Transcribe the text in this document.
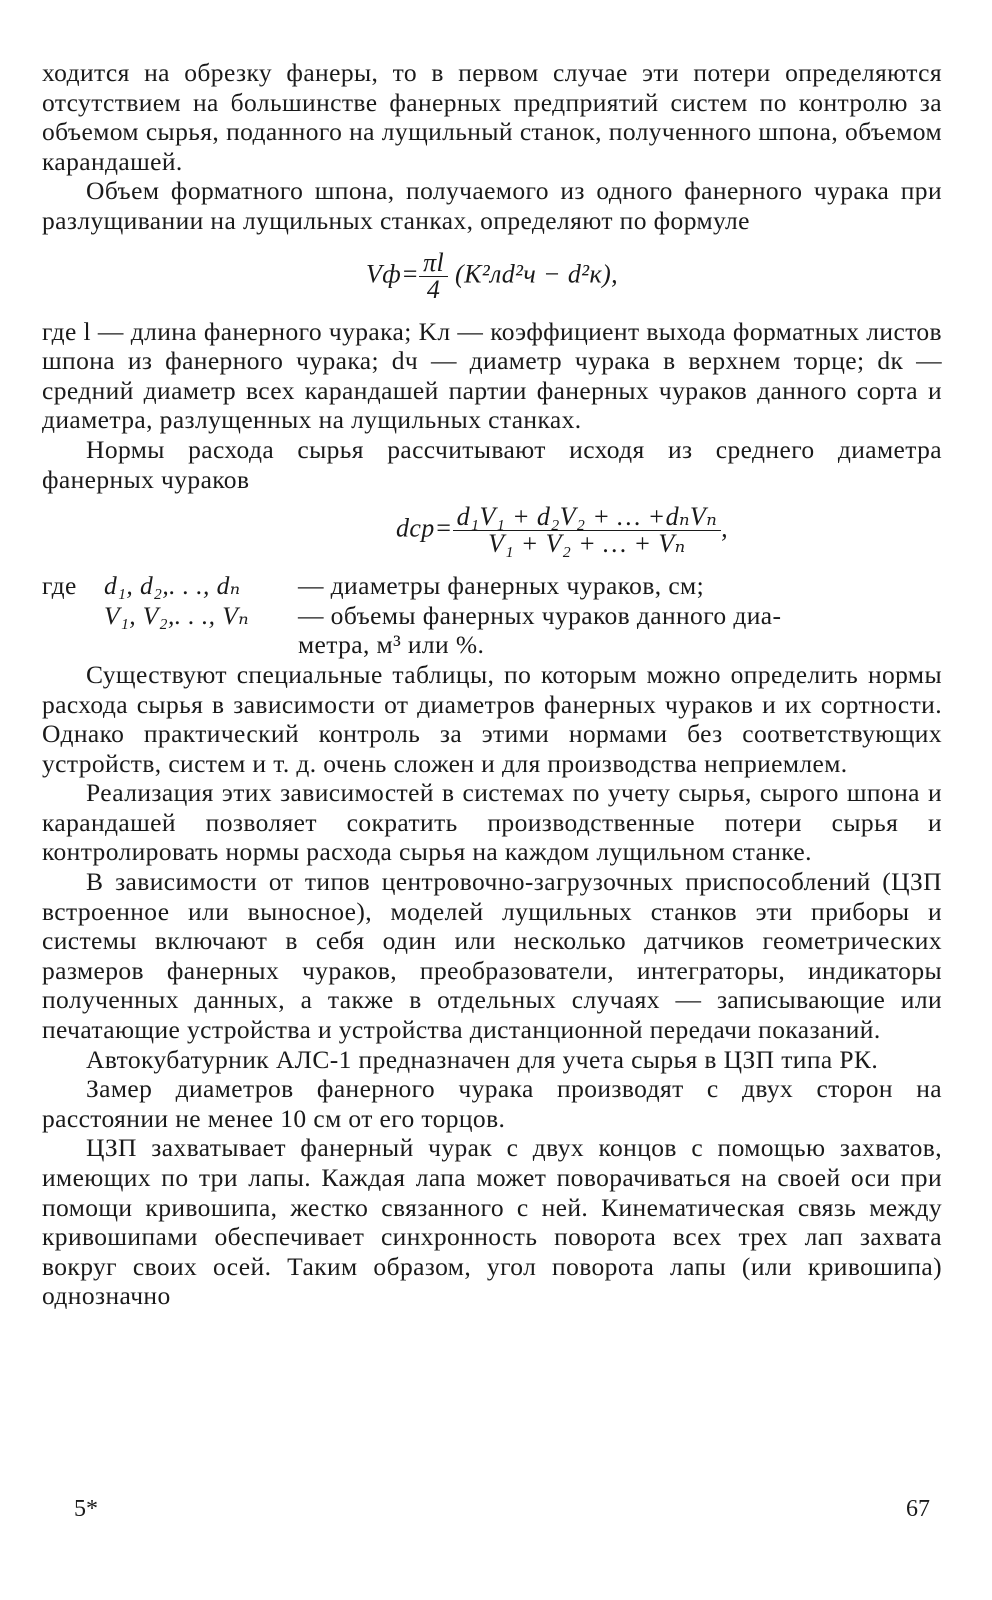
ходится на обрезку фанеры, то в первом случае эти потери определяются отсутствием на большинстве фанерных предприятий систем по контролю за объемом сырья, поданного на лущильный станок, полученного шпона, объемом карандашей.

Объем форматного шпона, получаемого из одного фанерного чурака при разлущивании на лущильных станках, определяют по формуле

$Vф= \frac{\pi l}{4} (K^2лd^2ч - d^2к)$,

где l — длина фанерного чурака; Kл — коэффициент выхода форматных листов шпона из фанерного чурака; dч — диаметр чурака в верхнем торце; dк — средний диаметр всех карандашей партии фанерных чураков данного сорта и диаметра, разлущенных на лущильных станках.

Нормы расхода сырья рассчитывают исходя из среднего диаметра фанерных чураков

$dср= \frac{\text{d₁V₁ + d₂V₂ + … +dₙVₙ}}{\text{V₁ + V₂ + … + Vₙ}}$ ,
где	d₁, d₂,. . ., dₙ	— диаметры фанерных чураков, см;
V₁, V₂,. . ., Vₙ	— объемы фанерных чураков данного диа-
метра, м³ или %.

Существуют специальные таблицы, по которым можно определить нормы расхода сырья в зависимости от диаметров фанерных чураков и их сортности. Однако практический контроль за этими нормами без соответствующих устройств, систем и т. д. очень сложен и для производства неприемлем.

Реализация этих зависимостей в системах по учету сырья, сырого шпона и карандашей позволяет сократить производственные потери сырья и контролировать нормы расхода сырья на каждом лущильном станке.

В зависимости от типов центровочно-загрузочных приспособлений (ЦЗП встроенное или выносное), моделей лущильных станков эти приборы и системы включают в себя один или несколько датчиков геометрических размеров фанерных чураков, преобразователи, интеграторы, индикаторы полученных данных, а также в отдельных случаях — записывающие или печатающие устройства и устройства дистанционной передачи показаний.

Автокубатурник АЛС-1 предназначен для учета сырья в ЦЗП типа РК.

Замер диаметров фанерного чурака производят с двух сторон на расстоянии не менее 10 см от его торцов.

ЦЗП захватывает фанерный чурак с двух концов с помощью захватов, имеющих по три лапы. Каждая лапа может поворачиваться на своей оси при помощи кривошипа, жестко связанного с ней. Кинематическая связь между кривошипами обеспечивает синхронность поворота всех трех лап захвата вокруг своих осей. Таким образом, угол поворота лапы (или кривошипа) однозначно

5*	67
